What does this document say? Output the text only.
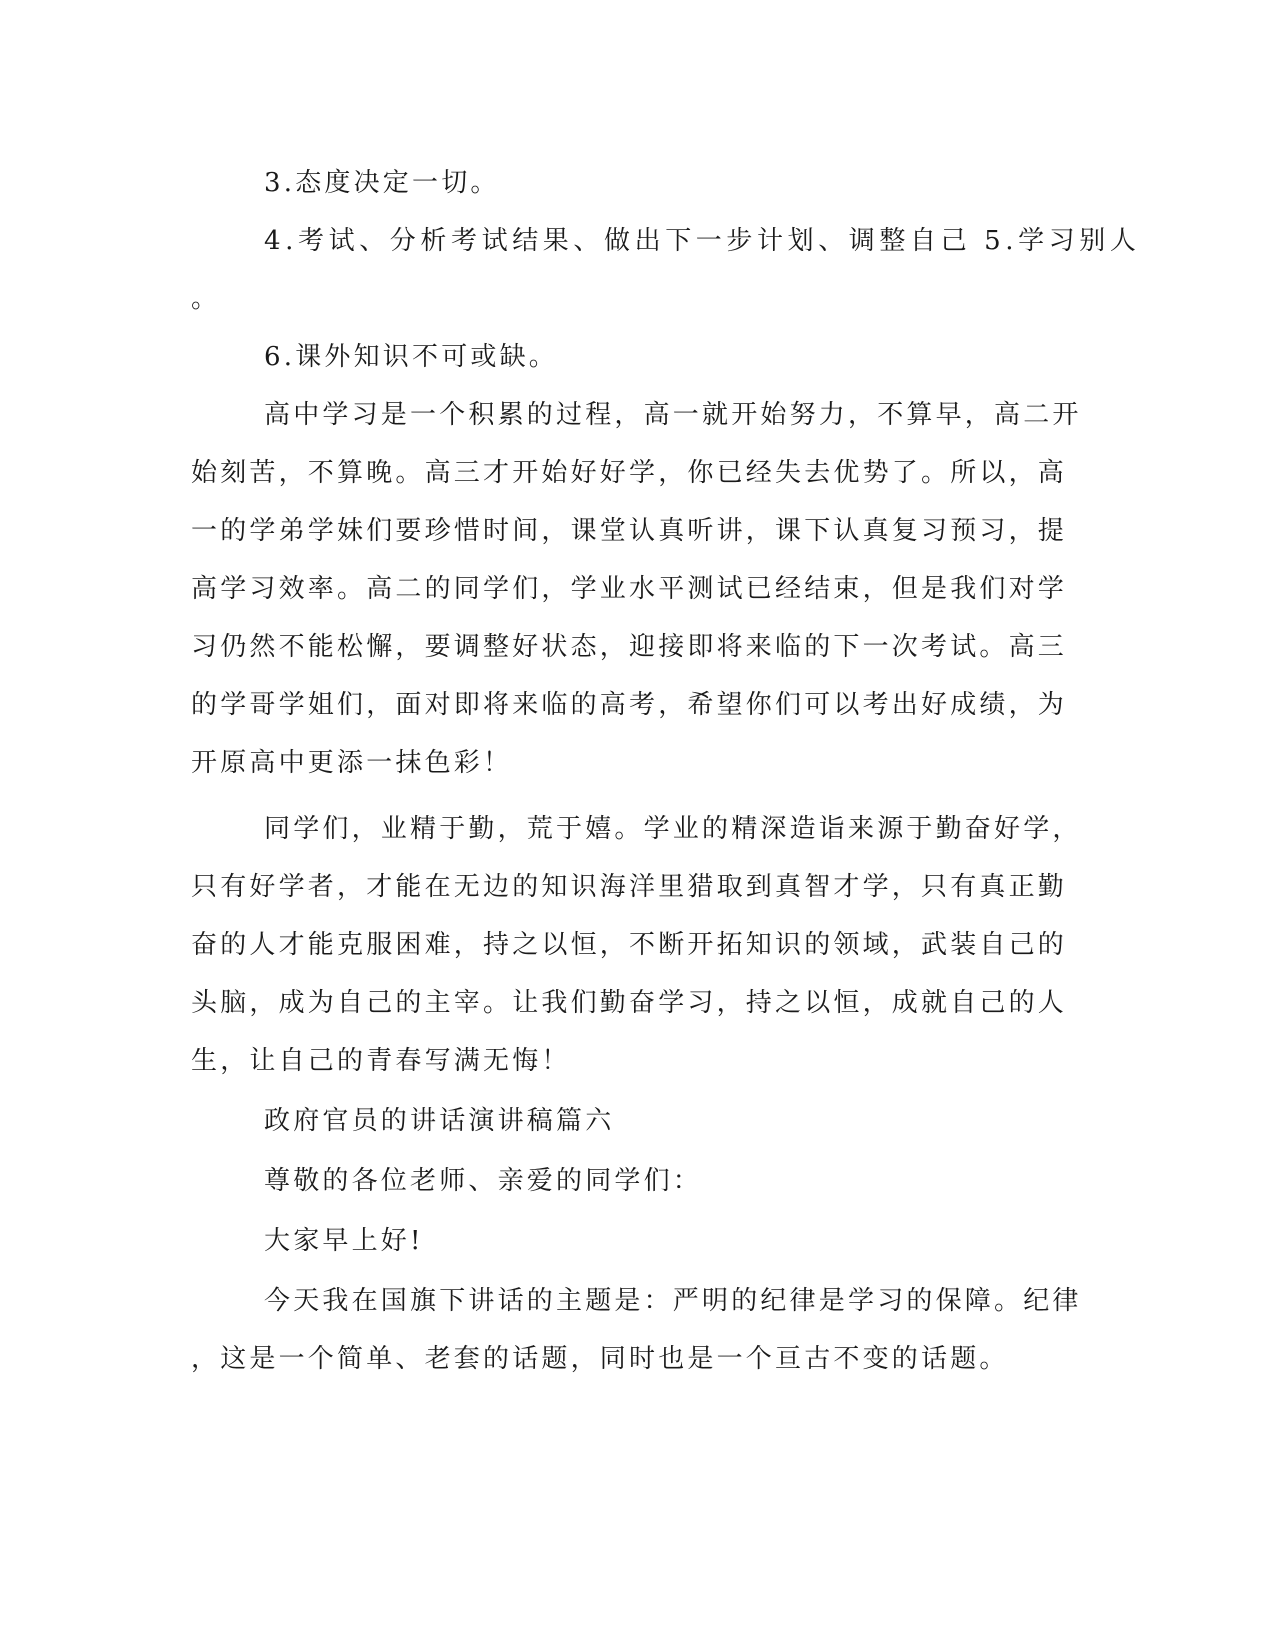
3.态度决定一切。
4.考试、分析考试结果、做出下一步计划、调整自己 5.学习别人
。
6.课外知识不可或缺。
高中学习是一个积累的过程，高一就开始努力，不算早，高二开
始刻苦，不算晚。高三才开始好好学，你已经失去优势了。所以，高
一的学弟学妹们要珍惜时间，课堂认真听讲，课下认真复习预习，提
高学习效率。高二的同学们，学业水平测试已经结束，但是我们对学
习仍然不能松懈，要调整好状态，迎接即将来临的下一次考试。高三
的学哥学姐们，面对即将来临的高考，希望你们可以考出好成绩，为
开原高中更添一抹色彩！
同学们，业精于勤，荒于嬉。学业的精深造诣来源于勤奋好学，
只有好学者，才能在无边的知识海洋里猎取到真智才学，只有真正勤
奋的人才能克服困难，持之以恒，不断开拓知识的领域，武装自己的
头脑，成为自己的主宰。让我们勤奋学习，持之以恒，成就自己的人
生，让自己的青春写满无悔！
政府官员的讲话演讲稿篇六
尊敬的各位老师、亲爱的同学们：
大家早上好!
今天我在国旗下讲话的主题是：严明的纪律是学习的保障。纪律
，这是一个简单、老套的话题，同时也是一个亘古不变的话题。
